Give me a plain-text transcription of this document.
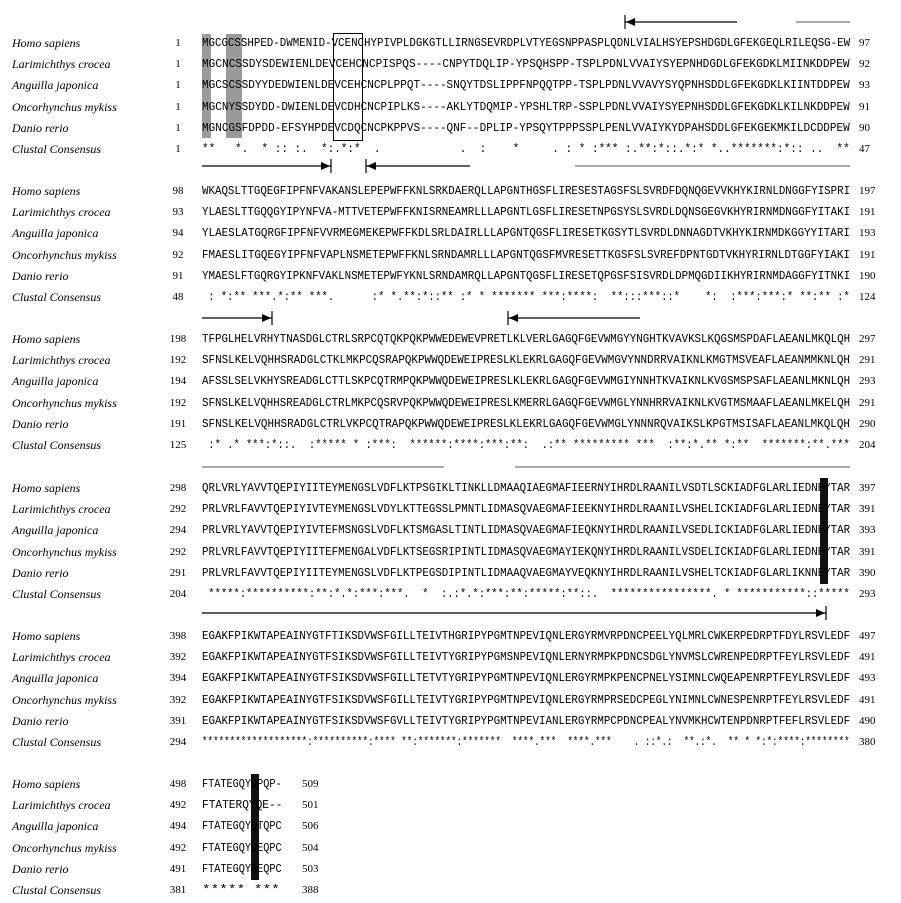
Homo sapiens	1	MGCGCSSHPED-DWMENID-VCENCHYPIVPLDGKGTLLIRNGSEVRDPLVTYEGSNPPASPLQDNLVIALHSYEPSHDGDLGFEKGEQLRILEQSG-EW 97
Larimichthys crocea	1	MGCNCSSDYSDEWIENLDEVCEHCNCPISPQS----CNPYTDQLIP-YPSQHSPP-TSPLPDNLVVAIYSYEPNHDGDLGFEKGDKLMIINKDDPEW 92
Anguilla japonica	1	MGCSCSSDYYDEDWIENLDEVCEHCNCPLPPQT----SNQYTDSLIPPFNPQQTPP-TSPLPDNLVVAVYSYQPNHSDDLGFEKGDKLKIINTDDPEW 93
Oncorhynchus mykiss	1	MGCNYSSDYDD-DWIENLDEVCDHCNCPIPLKS----AKLYTDQMIP-YPSHLTRP-SSPLPDNLVVAIYSYEPNHSDDLGFEKGDKLKILNKDDPEW 91
Danio rerio	1	MGNCGSFDPDD-EFSYHPDEVCDQCNCPKPPVS----QNF--DPLIP-YPSQYTPPPSSPLPENLVVAIYKYDPAHSDDLGFEKGEKMKILDCDDPEW 90
Clustal Consensus	1	**   *.  * :: :.  *:.*:*  .            .  :    *     . : * :*** :.**:*::.*:* *..*******:*:: ..  ** 47
Homo sapiens	98	WKAQSLTTGQEGFIPFNFVAKANSLEPEPWFFKNLSRKDAERQLLAPGNTHGSFLIRESESTAGSFSLSVRDFDQNQGEVVKHYKIRNLDNGGFYISPRI 197
Larimichthys crocea	93	YLAESLTTGQQGYIPYNFVA-MTTVETEPWFFKNISRNEAMRLLLAPGNTLGSFLIRESETNPGSYSLSVRDLDQNSGEGVKHYRIRNMDNGGFYITAKI 191
Anguilla japonica	94	YLAESLATGQRGFIPFNFVVRMEGMEKEPWFFKDLSRLDAIRLLLAPGNTQGSFLIRESETKGSYTLSVRDLDNNAGDTVKHYKIRNMDKGGYYITARI 193
Oncorhynchus mykiss	92	FMAESLITGQEGYIPFNFVAPLNSMETEPWFFKNLSRNDAMRLLLAPGNTQGSFMVRESETTKGSFSLSVREFDPNTGDTVKHYRIRNLDTGGFYIAKI 191
Danio rerio	91	YMAESLFTGQRGYIPKNFVAKLNSMETEPWFYKNLSRNDAMRQLLAPGNTQGSFLIRESETQPGSFSISVRDLDPMQGDIIKHYRIRNMDAGGFYITNKI 190
Clustal Consensus	48	: *:** ***.*:** ***.      :* *.**:*::** :* * ******* ***:****:  **:::***::*    *:  :***:***:* **:** :* 124
Homo sapiens	198	TFPGLHELVRHYTNASDGLCTRLSRPCQTQKPQKPWWEDEWEVPRETLKLVERLGAGQFGEVWMGYYNGHTKVAVKSLKQGSMSPDAFLAEANLMKQLQH 297
Larimichthys crocea	192	SFNSLKELVQHHSRADGLCTKLMKPCQSRAPQKPWWQDEWEIPRESLKLEKRLGAGQFGEVWMGVYNNDRRVAIKNLKMGTMSVEAFLAEANMMKNLQH 291
Anguilla japonica	194	AFSSLSELVKHYSREADGLCTTLSKPCQTRMPQKPWWQDEWEIPRESLKLEKRLGAGQFGEVWMGIYNNHTKVAIKNLKVGSMSPSAFLAEANLMKNLQH 293
Oncorhynchus mykiss	192	SFNSLKELVQHHSREADGLCTRLMKPCQSRVPQKPWWQDEWEIPRESLKMERRLGAGQFGEVWMGLYNNHRRVAIKNLKVGTMSMAAFLAEANLMKELQH 291
Danio rerio	191	SFNSLKELVQHHSRADGLCTRLVKPCQTRAPQKPWWQDEWEIPRESLKLEKRLGAGQFGEVWMGLYNNNRQVAIKSLKPGTMSISAFLAEANLMKQLQH 290
Clustal Consensus	125	:* .* ***:*::.  :***** * :***:  ******:****:***:**:  .:** ********* ***  :**:*.** *:**  *******:**.*** 204
Homo sapiens	298	QRLVRLYAVVTQEPIYIITEYMENGSLVDFLKTPSGIKLTINKLLDMAAQIAEGMAFIEERNYIHRDLRAANILVSDTLSCKIADFGLARLIEDNEYTAR 397
Larimichthys crocea	292	PRLVRLFAVVTQEPIYIVTEYMENGSLVDYLKTTEGSSLPMNTLIDMASQVAEGMAFIEEKNYIHRDLRAANILVSHELICKIADFGLARLIEDNEYTAR 391
Anguilla japonica	294	PRLVRLYAVVTQEPIYIVTEFMSNGSLVDFLKTSMGASLTINTLIDMASQVAEGMAFIEQKNYIHRDLRAANILVSEDLICKIADFGLARLIEDNEYTAR 393
Oncorhynchus mykiss	292	PRLVRLFAVVTQEPIYIITEFMENGALVDFLKTSEGSRIPINTLIDMASQVAEGMAYIEKQNYIHRDLRAANILVSDELICKIADFGLARLIEDNEYTAR 391
Danio rerio	291	PRLVRLFAVVTQEPIYIITEYMENGSLVDFLKTPEGSDIPINTLIDMAAQVAEGMAYVEQKNYIHRDLRAANILVSHELTCKIADFGLARLIKNNEYTAR 390
Clustal Consensus	204	*****:**********:**:*.*:***:***.  *  :.:*.*:***:**:*****:**::.  ****************. * ***********::***** 293
Homo sapiens	398	EGAKFPIKWTAPEAINYGTFTIKSDVWSFGILLTEIVTHGRIPYPGMTNPEVIQNLERGYRMVRPDNCPEELYQLMRLCWKERPEDRPTFDYLRSVLEDF 497
Larimichthys crocea	392	EGAKFPIKWTAPEAINYGTFSIKSDVWSFGILLTEIVTYGRIPYPGMSNPEVIQNLERNYRMPKPDNCSDGLYNVMSLCWRENPEDRPTFEYLRSVLEDF 491
Anguilla japonica	394	EGAKFPIKWTAPEAINYGTFSIKSDVWSFGILLTETVTYGRIPYPGMTNPEVIQNLERGYRMPKPENCPNELYSIMNLCWQEAPENRPTFEYLRSVLEDF 493
Oncorhynchus mykiss	392	EGAKFPIKWTAPEAINYGTFSIKSDVWSFGILLTEIVTYGRIPYPGMTNPEVIQNLERGYRMPRSEDCPEGLYNIMNLCWNESPENRPTFEYLRSVLEDF 491
Danio rerio	391	EGAKFPIKWTAPEAINYGTFSIKSDVWSFGVLLTEIVTYGRIPYPGMTNPEVIANLERGYRMPCPDNCPEALYNVMKHCWTENPDNRPTFEFLRSVLEDF 490
Clustal Consensus	294	*******************:**********:**** **:*******:*******  ****.***  ****.***    . ::*.:  **.:*.  ** * *:*:****:******** 380
Homo sapiens	498	FTATEGQYQPQP- 509
Larimichthys crocea	492	FTATERQYQE-- 501
Anguilla japonica	494	FTATEGQYQTQPC 506
Oncorhynchus mykiss	492	FTATEGQYQEQPC 504
Danio rerio	491	FTATEGQYQEQPC 503
Clustal Consensus	381	***** *** 388
